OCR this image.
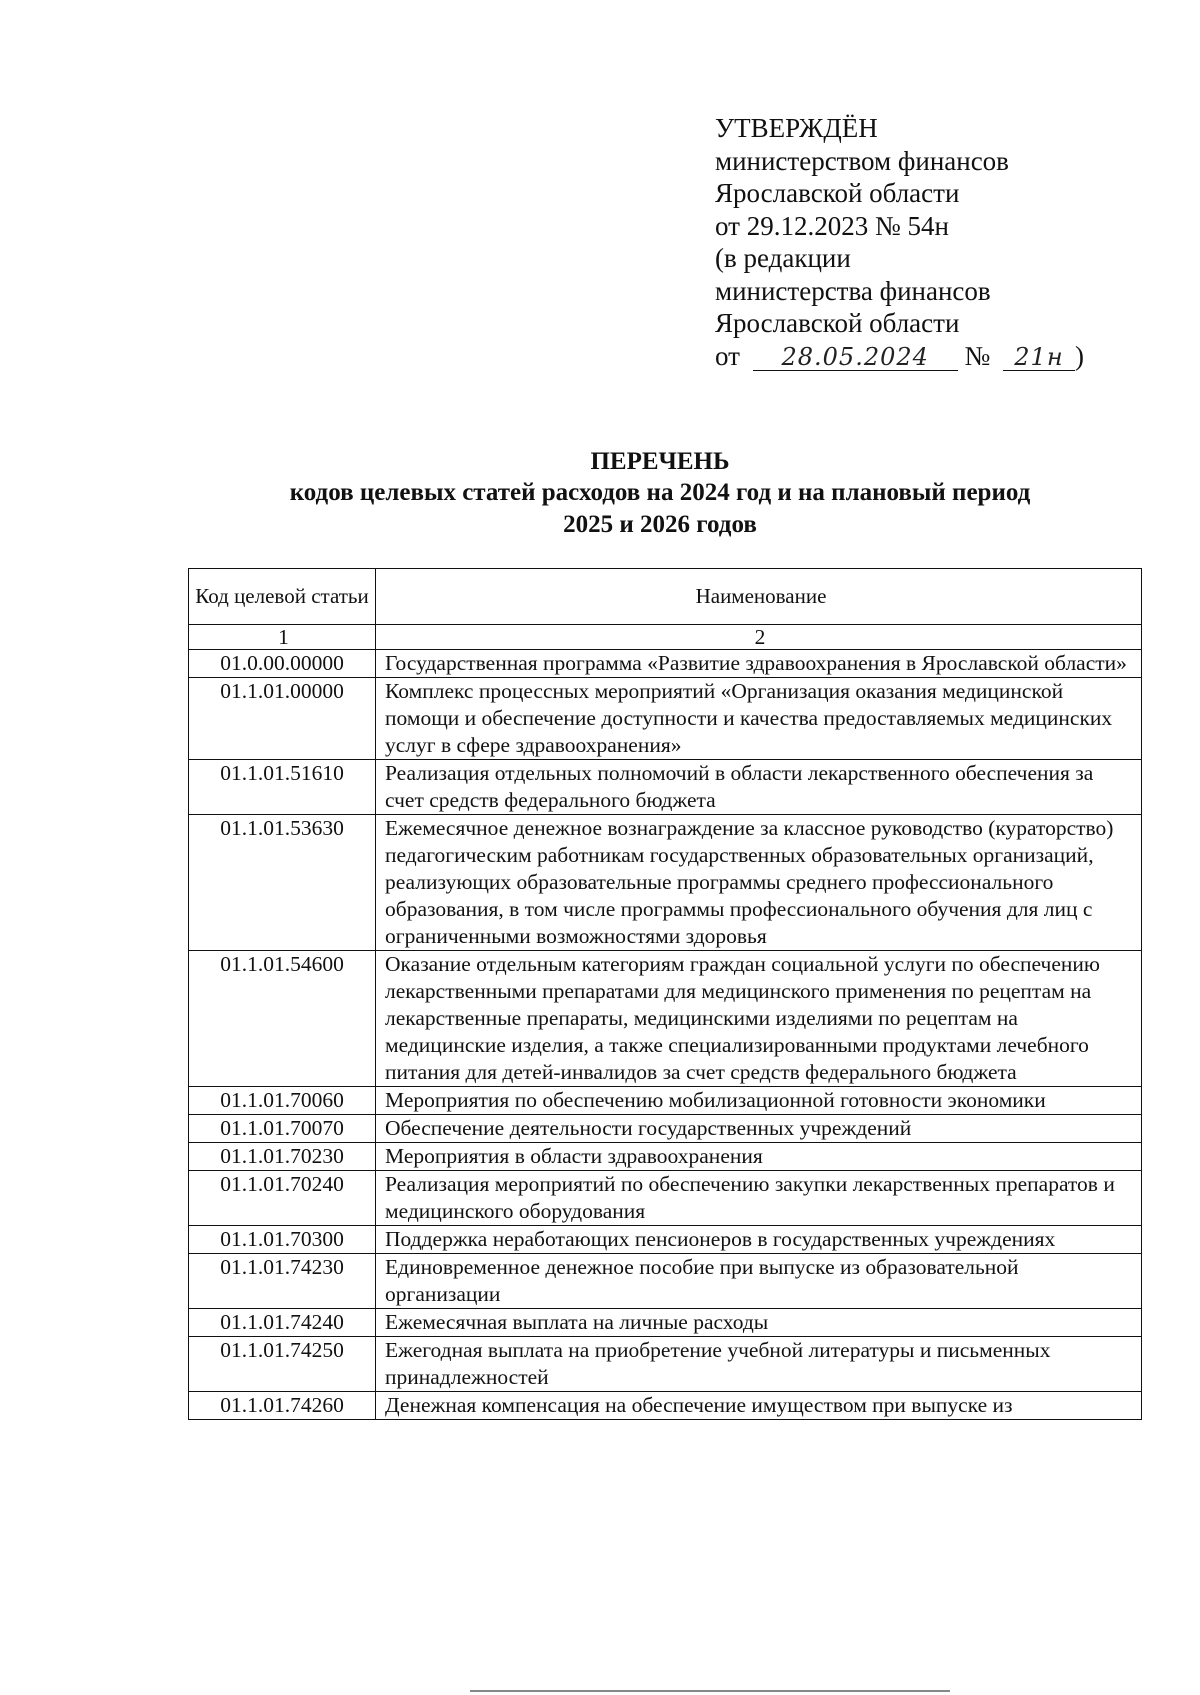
УТВЕРЖДЁН
министерством финансов
Ярославской области
от 29.12.2023 № 54н
(в редакции
министерства финансов
Ярославской области
от 28.05.2024 № 21н )
ПЕРЕЧЕНЬ
кодов целевых статей расходов на 2024 год и на плановый период
2025 и 2026 годов
Код целевой статьи	Наименование
1	2
01.0.00.00000	Государственная программа «Развитие здравоохранения в Ярославской области»
01.1.01.00000	Комплекс процессных мероприятий «Организация оказания медицинской помощи и обеспечение доступности и качества предоставляемых медицинских услуг в сфере здравоохранения»
01.1.01.51610	Реализация отдельных полномочий в области лекарственного обеспечения за счет средств федерального бюджета
01.1.01.53630	Ежемесячное денежное вознаграждение за классное руководство (кураторство) педагогическим работникам государственных образовательных организаций, реализующих образовательные программы среднего профессионального образования, в том числе программы профессионального обучения для лиц с ограниченными возможностями здоровья
01.1.01.54600	Оказание отдельным категориям граждан социальной услуги по обеспечению лекарственными препаратами для медицинского применения по рецептам на лекарственные препараты, медицинскими изделиями по рецептам на медицинские изделия, а также специализированными продуктами лечебного питания для детей-инвалидов за счет средств федерального бюджета
01.1.01.70060	Мероприятия по обеспечению мобилизационной готовности экономики
01.1.01.70070	Обеспечение деятельности государственных учреждений
01.1.01.70230	Мероприятия в области здравоохранения
01.1.01.70240	Реализация мероприятий по обеспечению закупки лекарственных препаратов и медицинского оборудования
01.1.01.70300	Поддержка неработающих пенсионеров в государственных учреждениях
01.1.01.74230	Единовременное денежное пособие при выпуске из образовательной организации
01.1.01.74240	Ежемесячная выплата на личные расходы
01.1.01.74250	Ежегодная выплата на приобретение учебной литературы и письменных принадлежностей
01.1.01.74260	Денежная компенсация на обеспечение имуществом при выпуске из
